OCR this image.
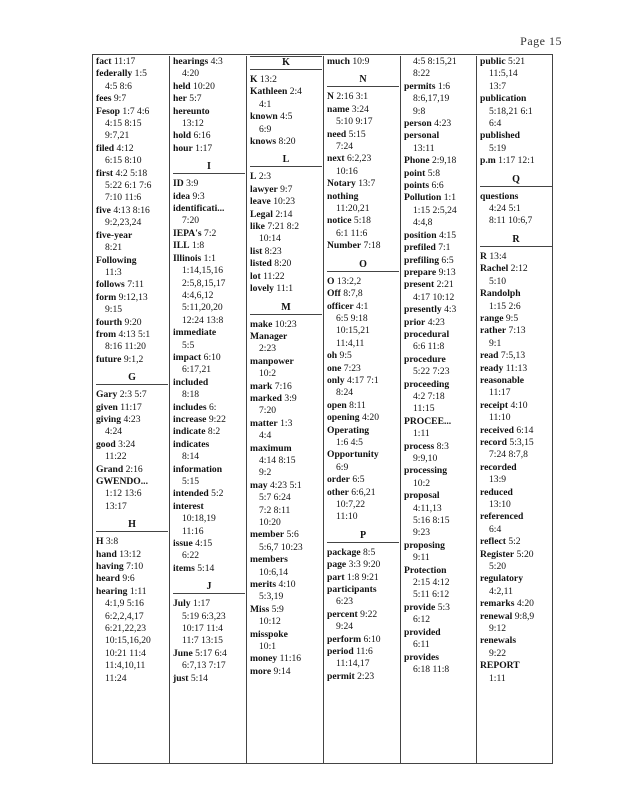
Page 15
fact 11:17
federally 1:5
4:5 8:6
fees 9:7
Fesop 1:7 4:6
4:15 8:15
9:7,21
filed 4:12
6:15 8:10
first 4:2 5:18
5:22 6:1 7:6
7:10 11:6
five 4:13 8:16
9:2,23,24
five-year
8:21
Following
11:3
follows 7:11
form 9:12,13
9:15
fourth 9:20
from 4:13 5:1
8:16 11:20
future 9:1,2
G
Gary 2:3 5:7
given 11:17
giving 4:23
4:24
good 3:24
11:22
Grand 2:16
GWENDO...
1:12 13:6
13:17
H
H 3:8
hand 13:12
having 7:10
heard 9:6
hearing 1:11
4:1,9 5:16
6:2,2,4,17
6:21,22,23
10:15,16,20
10:21 11:4
11:4,10,11
11:24
hearings 4:3
4:20
held 10:20
her 5:7
hereunto
13:12
hold 6:16
hour 1:17
I
ID 3:9
idea 9:3
identificati...
7:20
IEPA's 7:2
ILL 1:8
Illinois 1:1
1:14,15,16
2:5,8,15,17
4:4,6,12
5:11,20,20
12:24 13:8
immediate
5:5
impact 6:10
6:17,21
included
8:18
includes 6:
increase 9:22
indicate 8:2
indicates
8:14
information
5:15
intended 5:2
interest
10:18,19
11:16
issue 4:15
6:22
items 5:14
J
July 1:17
5:19 6:3,23
10:17 11:4
11:7 13:15
June 5:17 6:4
6:7,13 7:17
just 5:14
K
K 13:2
Kathleen 2:4
4:1
known 4:5
6:9
knows 8:20
L
L 2:3
lawyer 9:7
leave 10:23
Legal 2:14
like 7:21 8:2
10:14
list 8:23
listed 8:20
lot 11:22
lovely 11:1
M
make 10:23
Manager
2:23
manpower
10:2
mark 7:16
marked 3:9
7:20
matter 1:3
4:4
maximum
4:14 8:15
9:2
may 4:23 5:1
5:7 6:24
7:2 8:11
10:20
member 5:6
5:6,7 10:23
members
10:6,14
merits 4:10
5:3,19
Miss 5:9
10:12
misspoke
10:1
money 11:16
more 9:14
much 10:9
N
N 2:16 3:1
name 3:24
5:10 9:17
need 5:15
7:24
next 6:2,23
10:16
Notary 13:7
nothing
11:20,21
notice 5:18
6:1 11:6
Number 7:18
O
O 13:2,2
Off 8:7,8
officer 4:1
6:5 9:18
10:15,21
11:4,11
oh 9:5
one 7:23
only 4:17 7:1
8:24
open 8:11
opening 4:20
Operating
1:6 4:5
Opportunity
6:9
order 6:5
other 6:6,21
10:7,22
11:10
P
package 8:5
page 3:3 9:20
part 1:8 9:21
participants
6:23
percent 9:22
9:24
perform 6:10
period 11:6
11:14,17
permit 2:23
4:5 8:15,21
8:22
permits 1:6
8:6,17,19
9:8
person 4:23
personal
13:11
Phone 2:9,18
point 5:8
points 6:6
Pollution 1:1
1:15 2:5,24
4:4,8
position 4:15
prefiled 7:1
prefiling 6:5
prepare 9:13
present 2:21
4:17 10:12
presently 4:3
prior 4:23
procedural
6:6 11:8
procedure
5:22 7:23
proceeding
4:2 7:18
11:15
PROCEE...
1:11
process 8:3
9:9,10
processing
10:2
proposal
4:11,13
5:16 8:15
9:23
proposing
9:11
Protection
2:15 4:12
5:11 6:12
provide 5:3
6:12
provided
6:11
provides
6:18 11:8
public 5:21
11:5,14
13:7
publication
5:18,21 6:1
6:4
published
5:19
p.m 1:17 12:1
Q
questions
4:24 5:1
8:11 10:6,7
R
R 13:4
Rachel 2:12
5:10
Randolph
1:15 2:6
range 9:5
rather 7:13
9:1
read 7:5,13
ready 11:13
reasonable
11:17
receipt 4:10
11:10
received 6:14
record 5:3,15
7:24 8:7,8
recorded
13:9
reduced
13:10
referenced
6:4
reflect 5:2
Register 5:20
5:20
regulatory
4:2,11
remarks 4:20
renewal 9:8,9
9:12
renewals
9:22
REPORT
1:11
